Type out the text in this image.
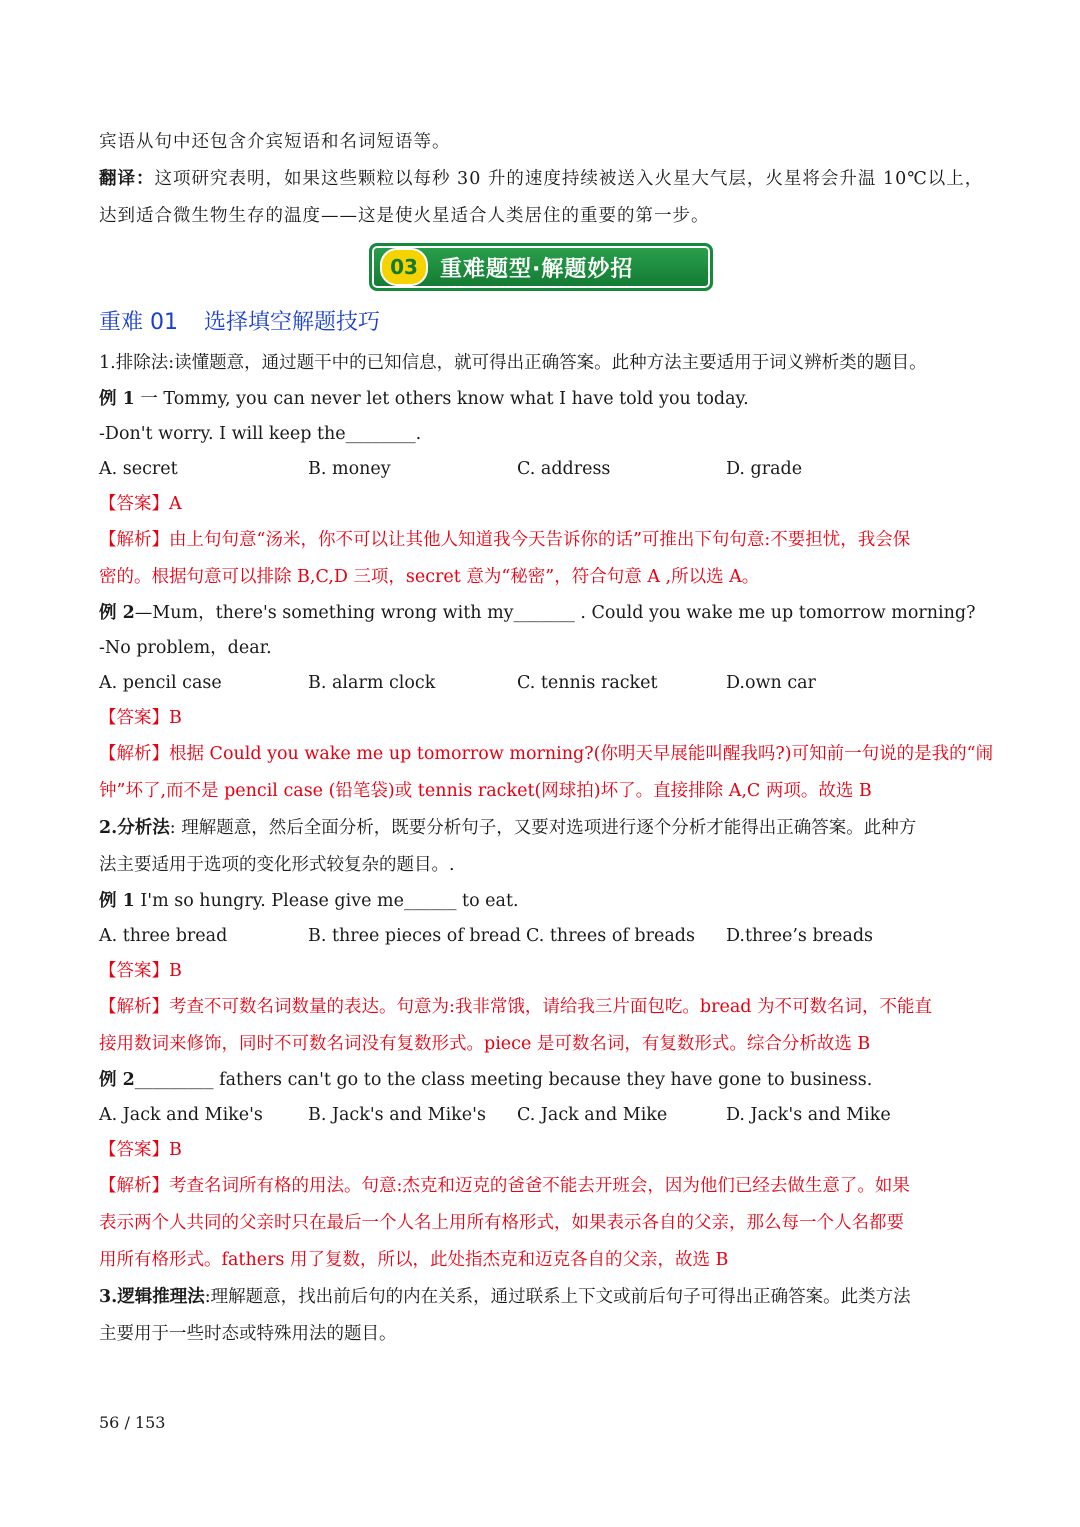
宾语从句中还包含介宾短语和名词短语等。
翻译：这项研究表明，如果这些颗粒以每秒 30 升的速度持续被送入火星大气层，火星将会升温 10℃以上，
达到适合微生物生存的温度——这是使火星适合人类居住的重要的第一步。
03	重难题型·解题妙招
重难 01 选择填空解题技巧
1.排除法:读懂题意，通过题干中的已知信息，就可得出正确答案。此种方法主要适用于词义辨析类的题目。
例 1 一 Tommy, you can never let others know what I have told you today.
-Don't worry. I will keep the________.
A. secret	B. money	C. address	D. grade
【答案】A
【解析】由上句句意“汤米，你不可以让其他人知道我今天告诉你的话”可推出下句句意:不要担忧，我会保
密的。根据句意可以排除 B,C,D 三项，secret 意为“秘密”，符合句意 A ,所以选 A。
例 2—Mum，there's something wrong with my_______ . Could you wake me up tomorrow morning?
-No problem，dear.
A. pencil case	B. alarm clock	C. tennis racket	D.own car
【答案】B
【解析】根据 Could you wake me up tomorrow morning?(你明天早展能叫醒我吗?)可知前一句说的是我的“闹
钟”坏了,而不是 pencil case (铅笔袋)或 tennis racket(网球拍)坏了。直接排除 A,C 两项。故选 B
2.分析法: 理解题意，然后全面分析，既要分析句子，又要对选项进行逐个分析才能得出正确答案。此种方
法主要适用于选项的变化形式较复杂的题目。.
例 1 I'm so hungry. Please give me______ to eat.
A. three bread	B. three pieces of bread C. threes of breads	D.three’s breads
【答案】B
【解析】考查不可数名词数量的表达。句意为:我非常饿，请给我三片面包吃。bread 为不可数名词，不能直
接用数词来修饰，同时不可数名词没有复数形式。piece 是可数名词，有复数形式。综合分析故选 B
例 2_________ fathers can't go to the class meeting because they have gone to business.
A. Jack and Mike's	B. Jack's and Mike's	C. Jack and Mike	D. Jack's and Mike
【答案】B
【解析】考查名词所有格的用法。句意:杰克和迈克的爸爸不能去开班会，因为他们已经去做生意了。如果
表示两个人共同的父亲时只在最后一个人名上用所有格形式，如果表示各自的父亲，那么每一个人名都要
用所有格形式。fathers 用了复数，所以，此处指杰克和迈克各自的父亲，故选 B
3.逻辑推理法:理解题意，找出前后句的内在关系，通过联系上下文或前后句子可得出正确答案。此类方法
主要用于一些时态或特殊用法的题目。
56 / 153
